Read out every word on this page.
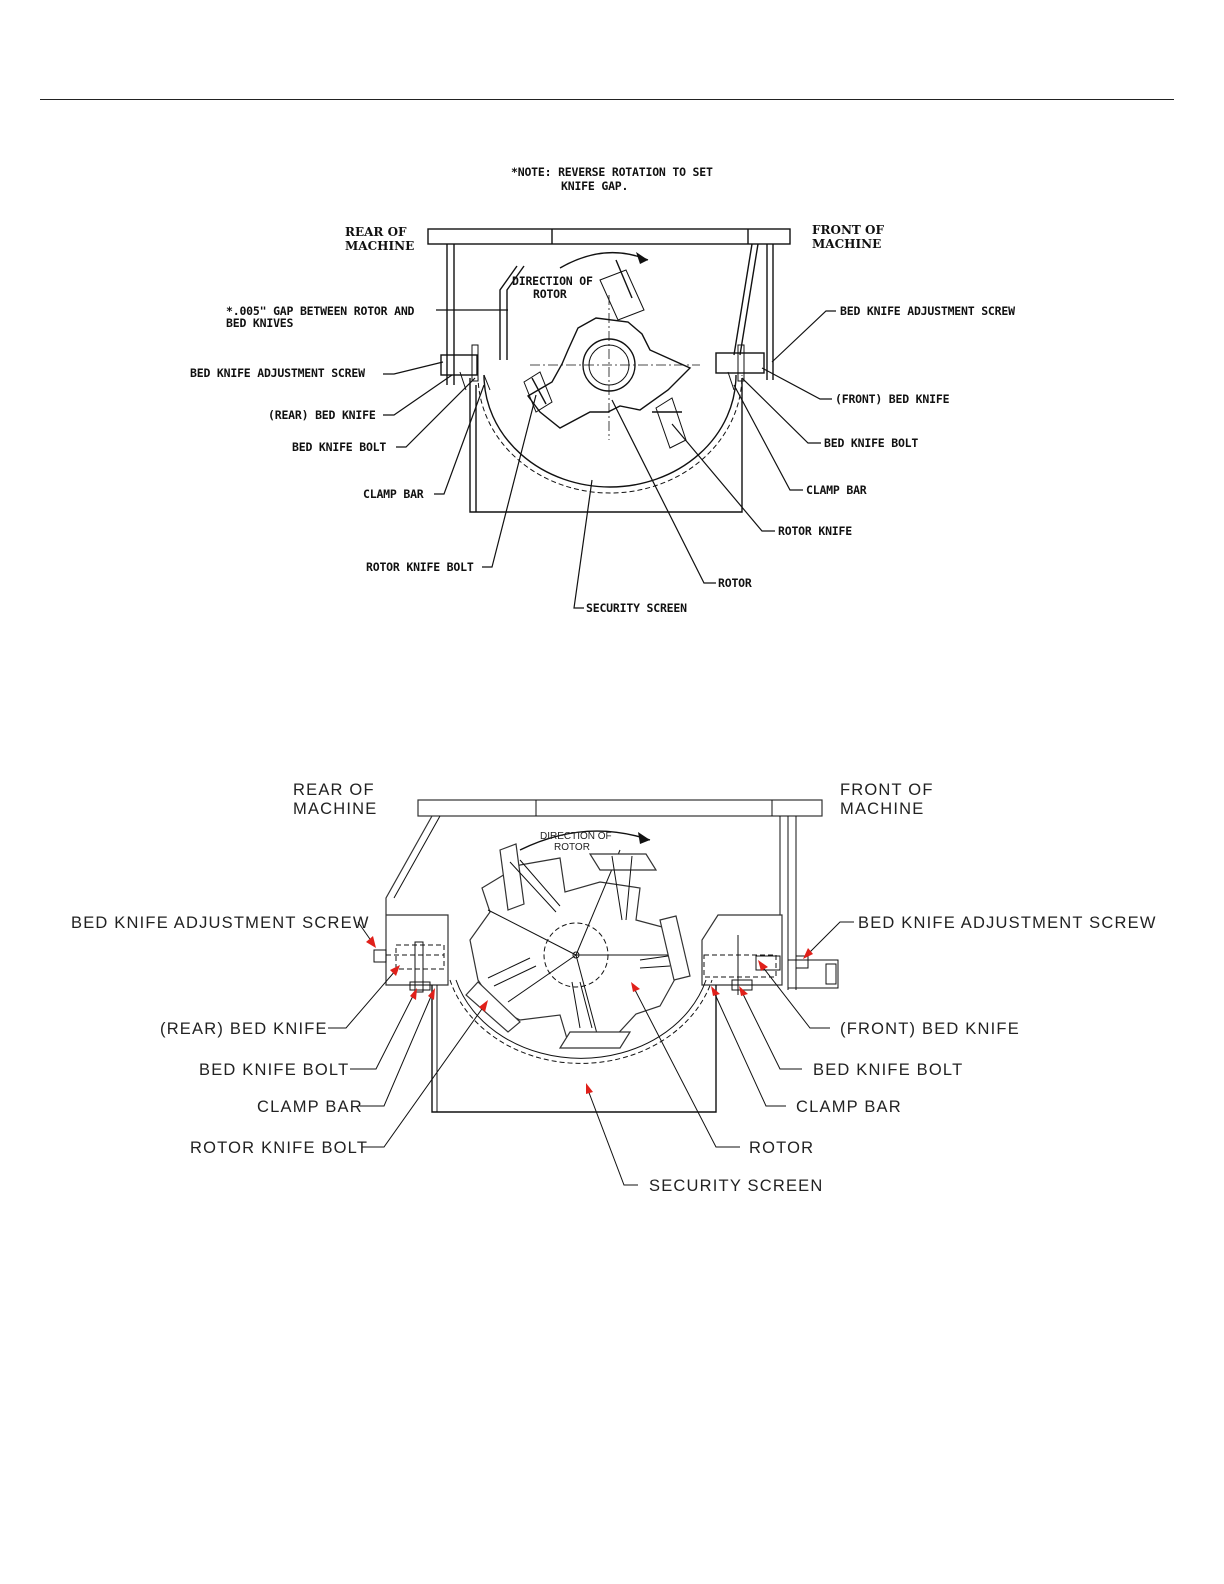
*NOTE: REVERSE ROTATION TO SET
KNIFE GAP.
REAR OF
MACHINE
FRONT OF
MACHINE
DIRECTION OF
ROTOR
*.005" GAP BETWEEN ROTOR AND
BED KNIVES
BED KNIFE ADJUSTMENT SCREW
(REAR) BED KNIFE
BED KNIFE BOLT
CLAMP BAR
ROTOR KNIFE BOLT
SECURITY SCREEN
ROTOR
ROTOR KNIFE
CLAMP BAR
BED KNIFE BOLT
(FRONT) BED KNIFE
BED KNIFE ADJUSTMENT SCREW
REAR OF
MACHINE
FRONT OF
MACHINE
DIRECTION OF
ROTOR
BED KNIFE ADJUSTMENT SCREW
(REAR) BED KNIFE
BED KNIFE BOLT
CLAMP BAR
ROTOR KNIFE BOLT
SECURITY SCREEN
ROTOR
CLAMP BAR
BED KNIFE BOLT
(FRONT) BED KNIFE
BED KNIFE ADJUSTMENT SCREW
